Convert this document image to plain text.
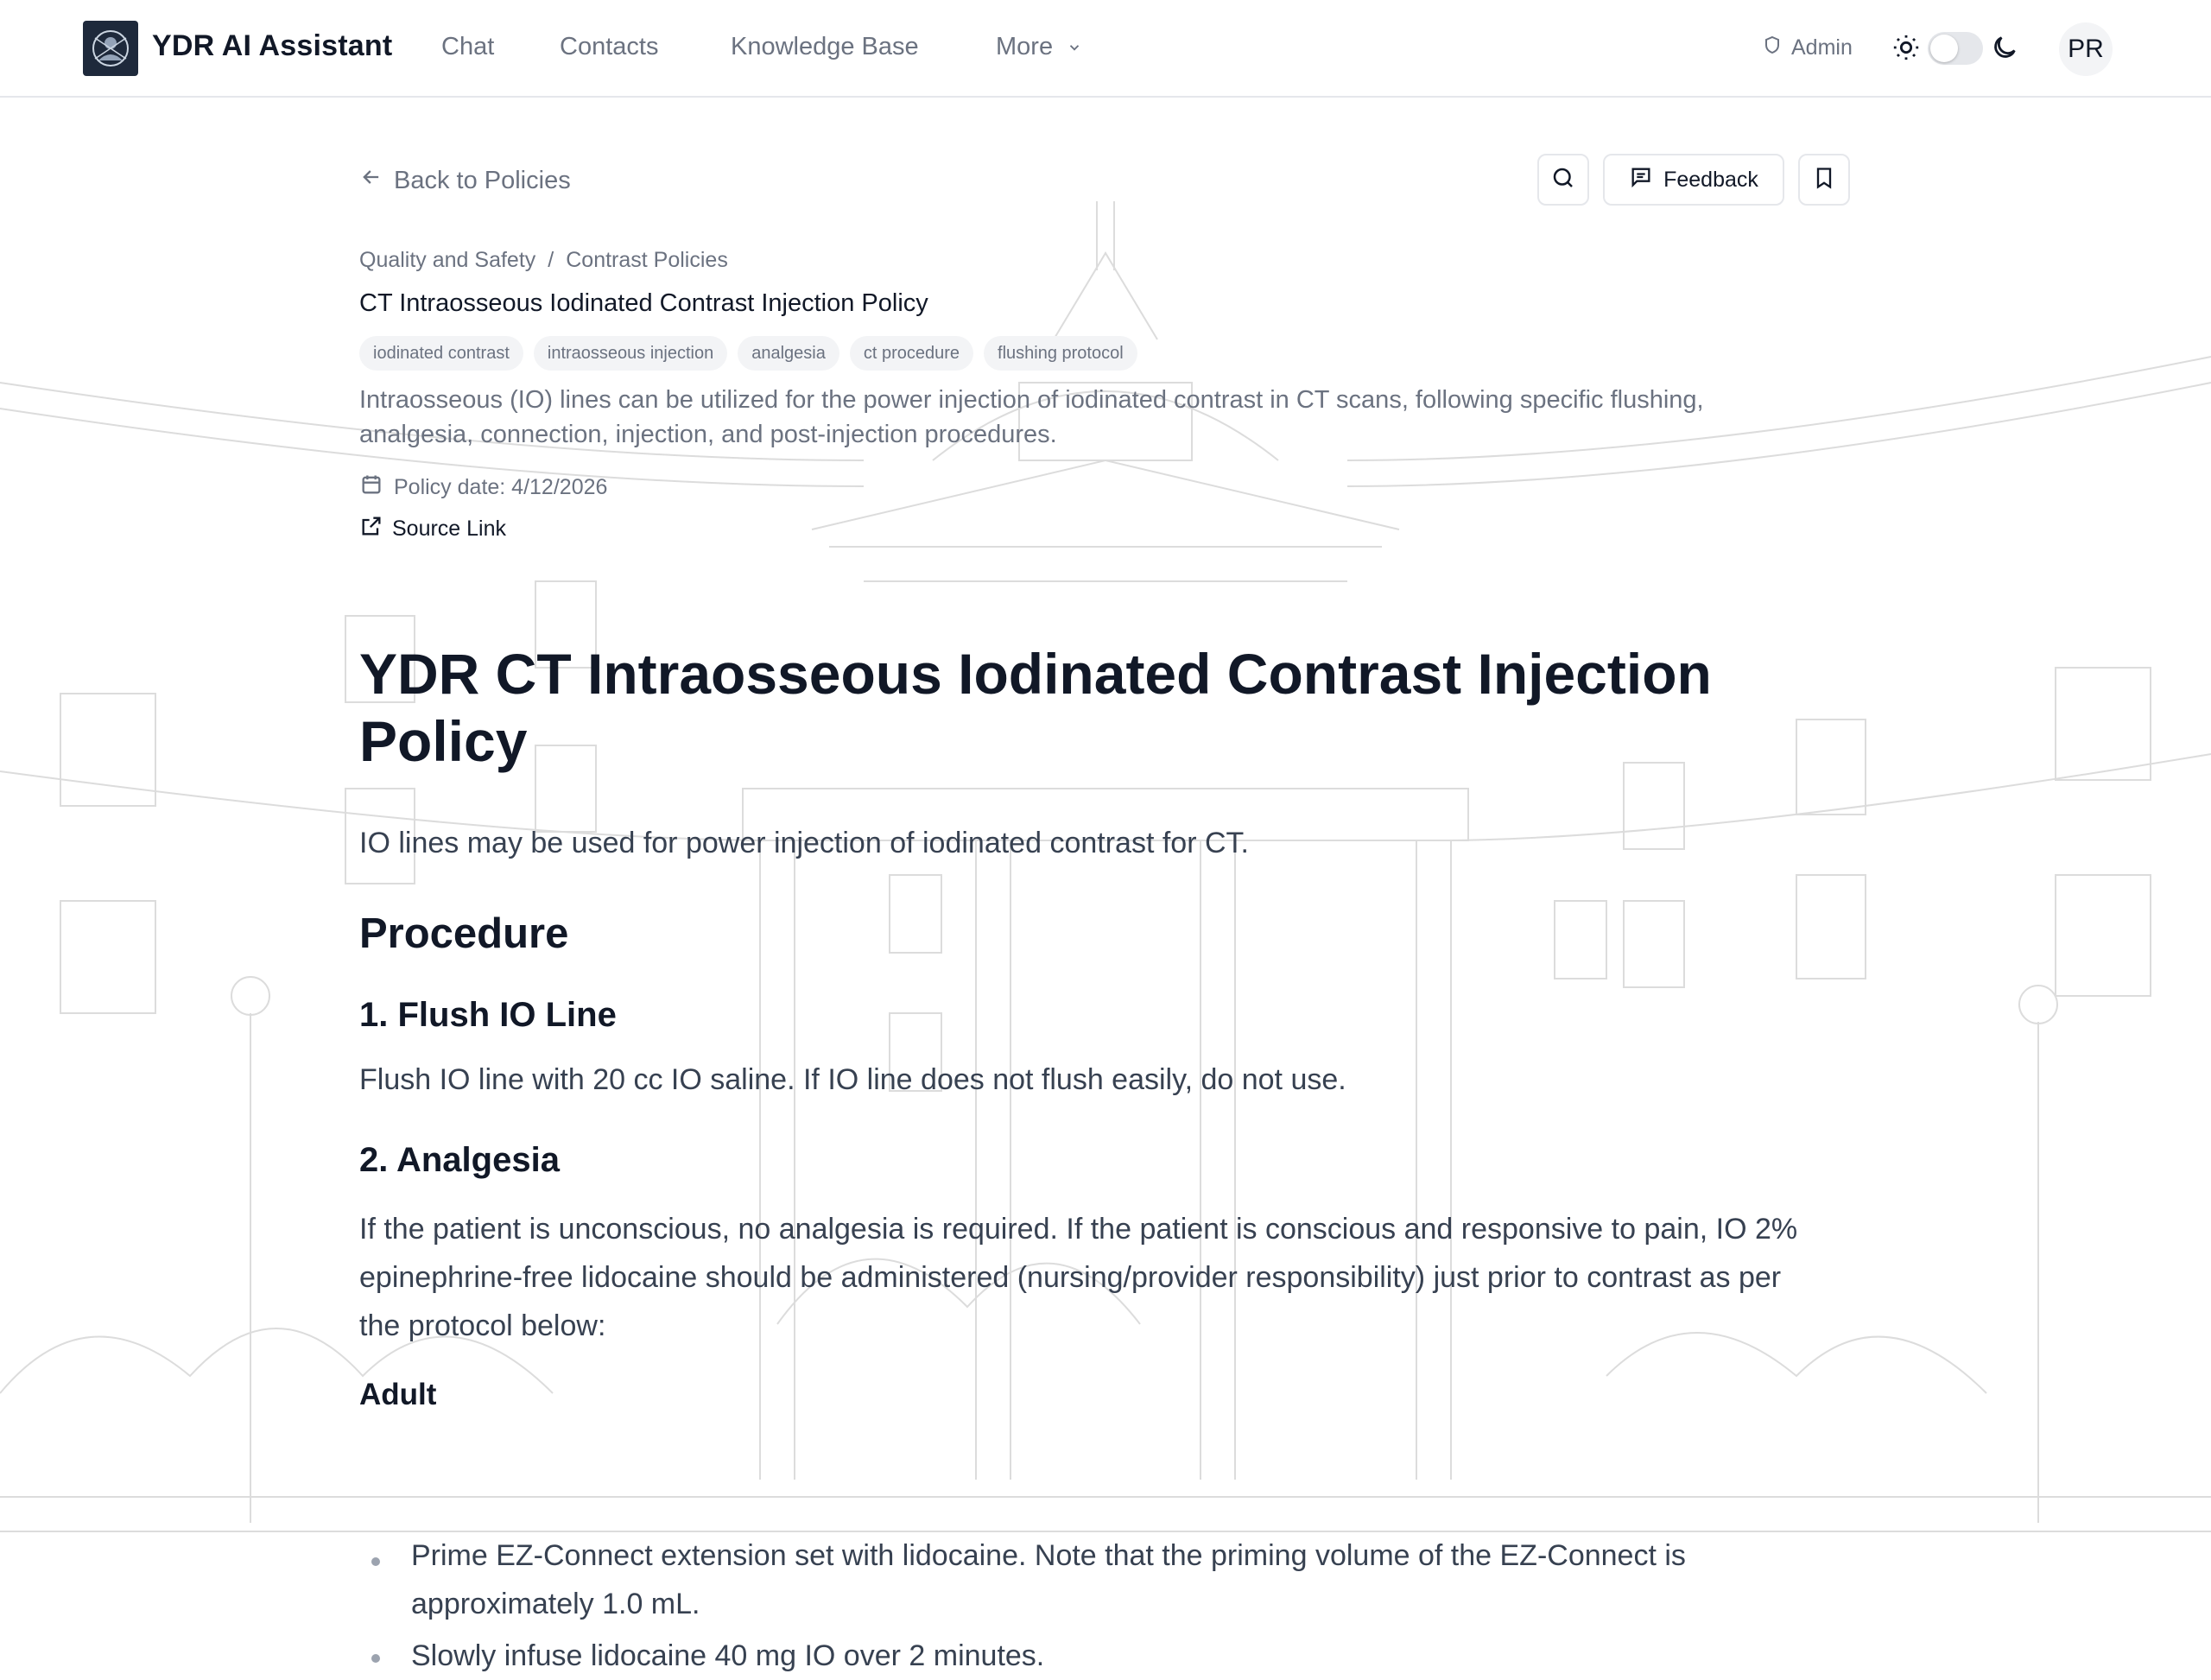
YDR AI Assistant Chat	Contacts	Knowledge Base	More	Admin	PR
Back to Policies	Feedback
Quality and Safety / Contrast Policies
CT Intraosseous Iodinated Contrast Injection Policy
iodinated contrast	intraosseous injection	analgesia	ct procedure	flushing protocol
Intraosseous (IO) lines can be utilized for the power injection of iodinated contrast in CT scans, following specific flushing, analgesia, connection, injection, and post-injection procedures.
Policy date: 4/12/2026
Source Link
YDR CT Intraosseous Iodinated Contrast Injection Policy
IO lines may be used for power injection of iodinated contrast for CT.
Procedure
1. Flush IO Line
Flush IO line with 20 cc IO saline. If IO line does not flush easily, do not use.
2. Analgesia
If the patient is unconscious, no analgesia is required. If the patient is conscious and responsive to pain, IO 2% epinephrine-free lidocaine should be administered (nursing/provider responsibility) just prior to contrast as per the protocol below:
Adult
Prime EZ-Connect extension set with lidocaine. Note that the priming volume of the EZ-Connect is approximately 1.0 mL.
Slowly infuse lidocaine 40 mg IO over 2 minutes.
